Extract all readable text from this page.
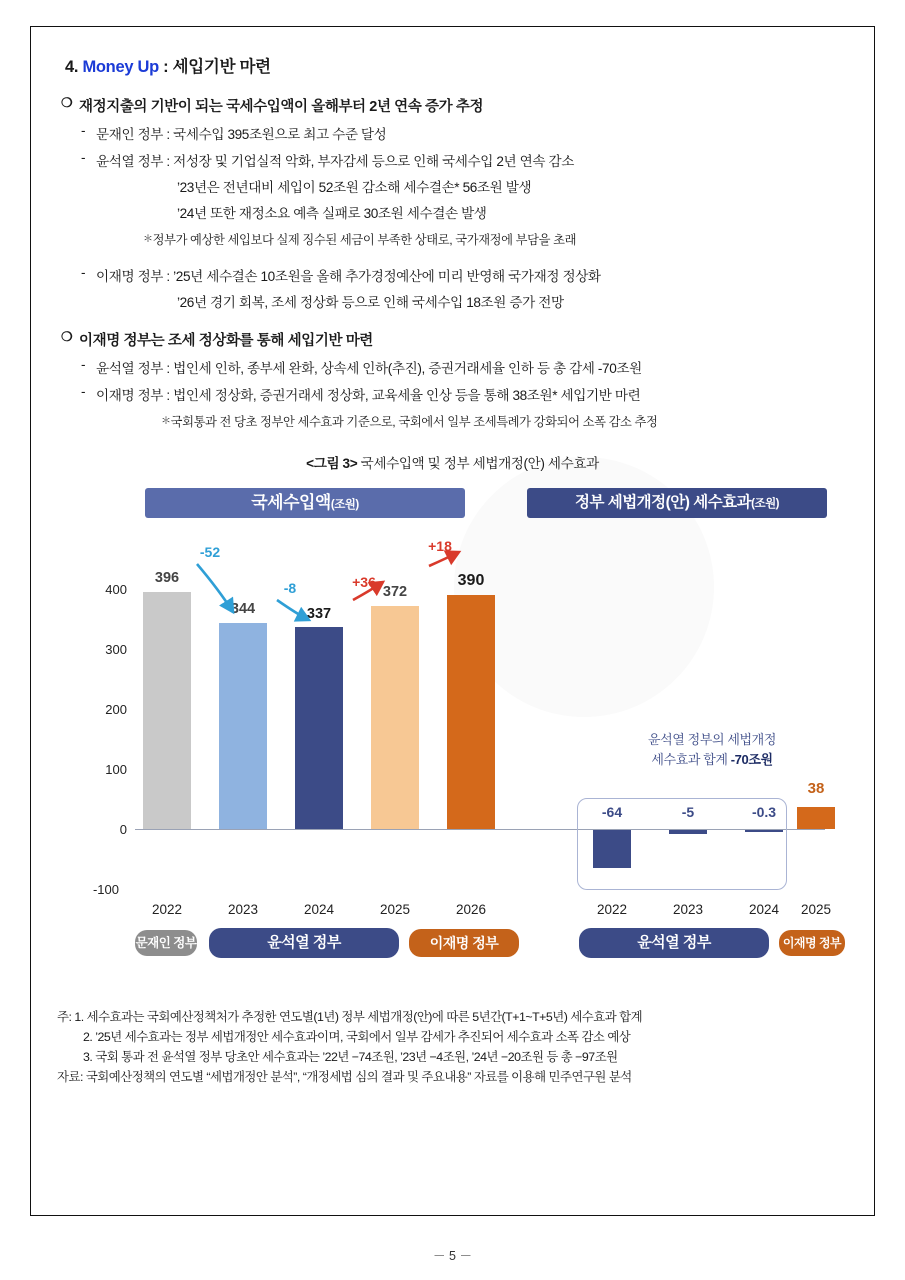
4. Money Up : 세입기반 마련
❍ 재정지출의 기반이 되는 국세수입액이 올해부터 2년 연속 증가 추정
- 문재인 정부 : 국세수입 395조원으로 최고 수준 달성
- 윤석열 정부 : 저성장 및 기업실적 악화, 부자감세 등으로 인해 국세수입 2년 연속 감소
’23년은 전년대비 세입이 52조원 감소해 세수결손* 56조원 발생
’24년 또한 재정소요 예측 실패로 30조원 세수결손 발생
＊정부가 예상한 세입보다 실제 징수된 세금이 부족한 상태로, 국가재정에 부담을 초래
- 이재명 정부 : ’25년 세수결손 10조원을 올해 추가경정예산에 미리 반영해 국가재정 정상화
’26년 경기 회복, 조세 정상화 등으로 인해 국세수입 18조원 증가 전망
❍ 이재명 정부는 조세 정상화를 통해 세입기반 마련
- 윤석열 정부 : 법인세 인하, 종부세 완화, 상속세 인하(추진), 증권거래세율 인하 등 총 감세 -70조원
- 이재명 정부 : 법인세 정상화, 증권거래세 정상화, 교육세율 인상 등을 통해 38조원* 세입기반 마련
＊국회통과 전 당초 정부안 세수효과 기준으로, 국회에서 일부 조세특례가 강화되어 소폭 감소 추정
<그림 3> 국세수입액 및 정부 세법개정(안) 세수효과
국세수입액(조원)	정부 세법개정(안) 세수효과(조원)
400
300
200
100
0
-100
396
344	337
372
390
-52
-8	+36
+18
2022	2023	2024	2025	2026
문재인 정부	윤석열 정부	이재명 정부
윤석열 정부의 세법개정
세수효과 합계 -70조원
-64	-5	-0.3
38
2022	2023	2024	2025
윤석열 정부	이재명 정부
주: 1. 세수효과는 국회예산정책처가 추정한 연도별(1년) 정부 세법개정(안)에 따른 5년간(T+1~T+5년) 세수효과 합계
2. ’25년 세수효과는 정부 세법개정안 세수효과이며, 국회에서 일부 감세가 추진되어 세수효과 소폭 감소 예상
3. 국회 통과 전 윤석열 정부 당초안 세수효과는 ’22년 −74조원, ’23년 −4조원, ’24년 −20조원 등 총 −97조원
자료: 국회예산정책의 연도별 “세법개정안 분석”, “개정세법 심의 결과 및 주요내용” 자료를 이용해 민주연구원 분석
－ 5 －
